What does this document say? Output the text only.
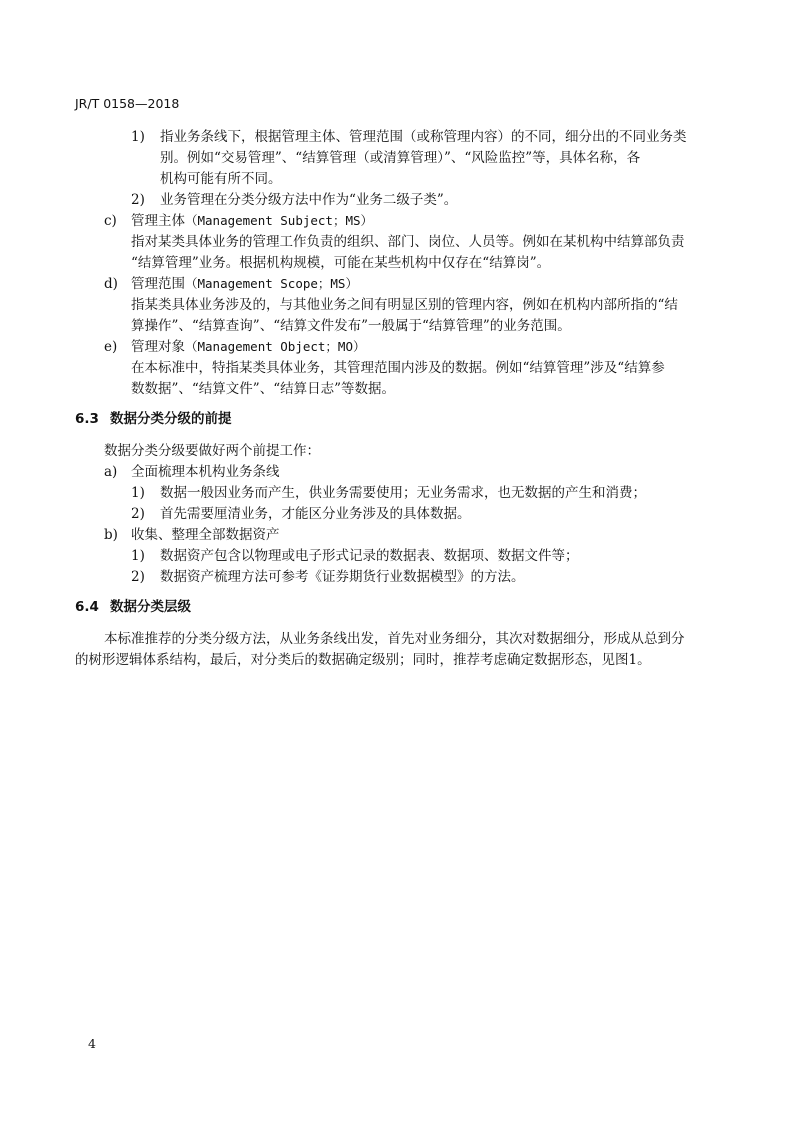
JR/T 0158—2018
1) 指业务条线下，根据管理主体、管理范围（或称管理内容）的不同，细分出的不同业务类
别。例如“交易管理”、“结算管理（或清算管理）”、“风险监控”等，具体名称，各
机构可能有所不同。
2) 业务管理在分类分级方法中作为“业务二级子类”。
c) 管理主体（Management Subject；MS）
指对某类具体业务的管理工作负责的组织、部门、岗位、人员等。例如在某机构中结算部负责
“结算管理”业务。根据机构规模，可能在某些机构中仅存在“结算岗”。
d) 管理范围（Management Scope；MS）
指某类具体业务涉及的，与其他业务之间有明显区别的管理内容，例如在机构内部所指的“结
算操作”、“结算查询”、“结算文件发布”一般属于“结算管理”的业务范围。
e) 管理对象（Management Object；MO）
在本标准中，特指某类具体业务，其管理范围内涉及的数据。例如“结算管理”涉及“结算参
数数据”、“结算文件”、“结算日志”等数据。
6.3 数据分类分级的前提
数据分类分级要做好两个前提工作：
a) 全面梳理本机构业务条线
1) 数据一般因业务而产生，供业务需要使用；无业务需求，也无数据的产生和消费；
2) 首先需要厘清业务，才能区分业务涉及的具体数据。
b) 收集、整理全部数据资产
1) 数据资产包含以物理或电子形式记录的数据表、数据项、数据文件等；
2) 数据资产梳理方法可参考《证券期货行业数据模型》的方法。
6.4 数据分类层级
本标准推荐的分类分级方法，从业务条线出发，首先对业务细分，其次对数据细分，形成从总到分
的树形逻辑体系结构，最后，对分类后的数据确定级别；同时，推荐考虑确定数据形态，见图1。
4
